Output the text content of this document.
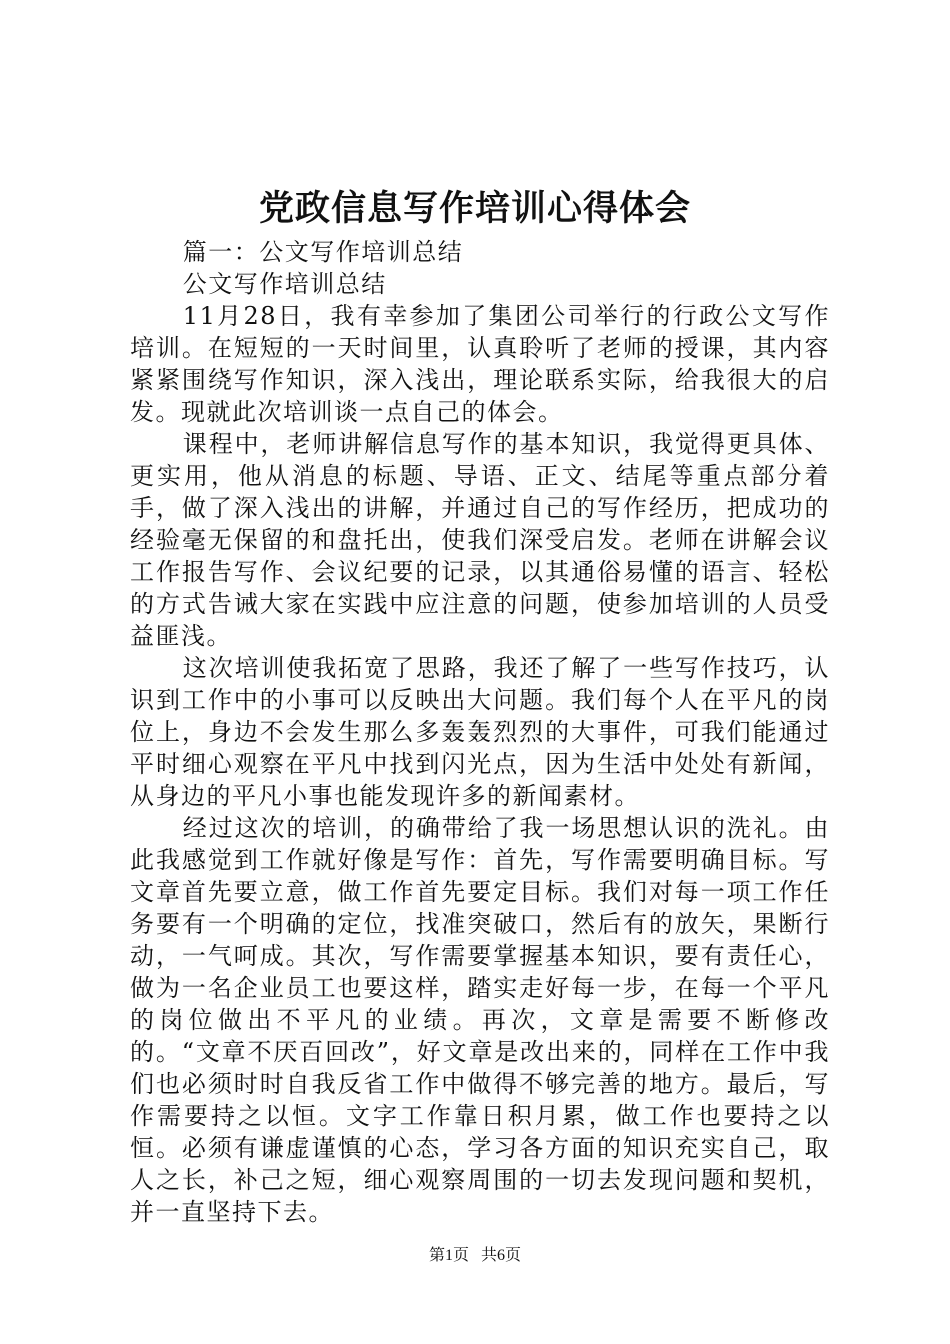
党政信息写作培训心得体会

篇一：公文写作培训总结

公文写作培训总结

11月28日，我有幸参加了集团公司举行的行政公文写作培训。在短短的一天时间里，认真聆听了老师的授课，其内容紧紧围绕写作知识，深入浅出，理论联系实际，给我很大的启发。现就此次培训谈一点自己的体会。

课程中，老师讲解信息写作的基本知识，我觉得更具体、更实用，他从消息的标题、导语、正文、结尾等重点部分着手，做了深入浅出的讲解，并通过自己的写作经历，把成功的经验毫无保留的和盘托出，使我们深受启发。老师在讲解会议工作报告写作、会议纪要的记录，以其通俗易懂的语言、轻松的方式告诫大家在实践中应注意的问题，使参加培训的人员受益匪浅。

这次培训使我拓宽了思路，我还了解了一些写作技巧，认识到工作中的小事可以反映出大问题。我们每个人在平凡的岗位上，身边不会发生那么多轰轰烈烈的大事件，可我们能通过平时细心观察在平凡中找到闪光点，因为生活中处处有新闻，从身边的平凡小事也能发现许多的新闻素材。

经过这次的培训，的确带给了我一场思想认识的洗礼。由此我感觉到工作就好像是写作：首先，写作需要明确目标。写文章首先要立意，做工作首先要定目标。我们对每一项工作任务要有一个明确的定位，找准突破口，然后有的放矢，果断行动，一气呵成。其次，写作需要掌握基本知识，要有责任心，做为一名企业员工也要这样，踏实走好每一步，在每一个平凡的岗位做出不平凡的业绩。再次，文章是需要不断修改的。“文章不厌百回改”，好文章是改出来的，同样在工作中我们也必须时时自我反省工作中做得不够完善的地方。最后，写作需要持之以恒。文字工作靠日积月累，做工作也要持之以恒。必须有谦虚谨慎的心态，学习各方面的知识充实自己，取人之长，补己之短，细心观察周围的一切去发现问题和契机，并一直坚持下去。

第1页 共6页
